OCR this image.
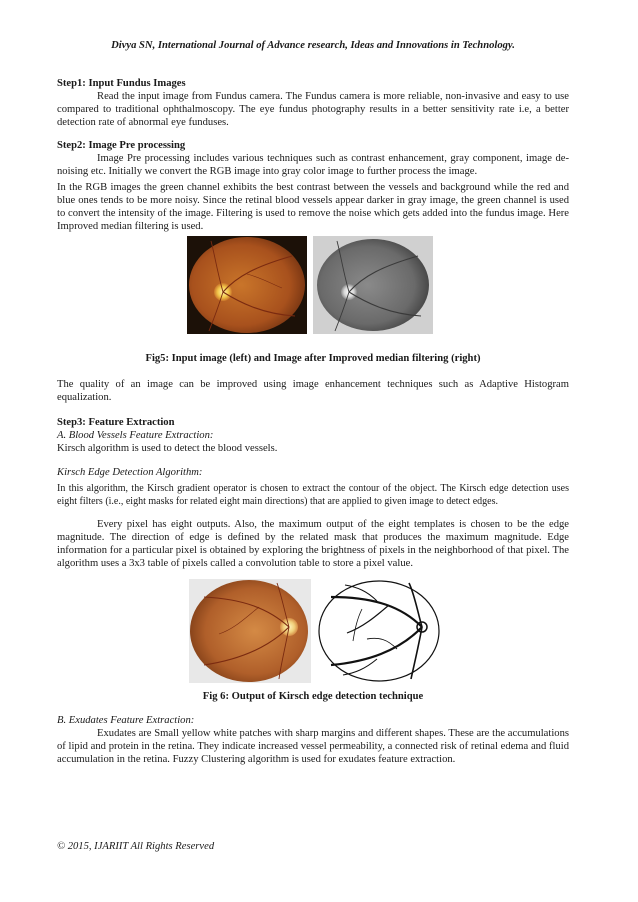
Divya SN, International Journal of Advance research, Ideas and Innovations in Technology.
Step1: Input Fundus Images

Read the input image from Fundus camera. The Fundus camera is more reliable, non-invasive and easy to use compared to traditional ophthalmoscopy. The eye fundus photography results in a better sensitivity rate i.e, a better detection rate of abnormal eye funduses.

Step2: Image Pre processing

Image Pre processing includes various techniques such as contrast enhancement, gray component, image de-noising etc. Initially we convert the RGB image into gray color image to further process the image.

In the RGB images the green channel exhibits the best contrast between the vessels and background while the red and blue ones tends to be more noisy. Since the retinal blood vessels appear darker in gray image, the green channel is used to convert the intensity of the image. Filtering is used to remove the noise which gets added into the fundus image. Here Improved median filtering is used.

Fig5: Input image (left) and Image after Improved median filtering (right)

The quality of an image can be improved using image enhancement techniques such as Adaptive Histogram equalization.

Step3: Feature Extraction
A. Blood Vessels Feature Extraction:
Kirsch algorithm is used to detect the blood vessels.
Kirsch Edge Detection Algorithm:

In this algorithm, the Kirsch gradient operator is chosen to extract the contour of the object. The Kirsch edge detection uses eight filters (i.e., eight masks for related eight main directions) that are applied to given image to detect edges.

Every pixel has eight outputs. Also, the maximum output of the eight templates is chosen to be the edge magnitude. The direction of edge is defined by the related mask that produces the maximum magnitude. Edge information for a particular pixel is obtained by exploring the brightness of pixels in the neighborhood of that pixel. The algorithm uses a 3x3 table of pixels called a convolution table to store a pixel value.

Fig 6: Output of Kirsch edge detection technique
B. Exudates Feature Extraction:

Exudates are Small yellow white patches with sharp margins and different shapes. These are the accumulations of lipid and protein in the retina. They indicate increased vessel permeability, a connected risk of retinal edema and fluid accumulation in the retina. Fuzzy Clustering algorithm is used for exudates feature extraction.

© 2015, IJARIIT All Rights Reserved
